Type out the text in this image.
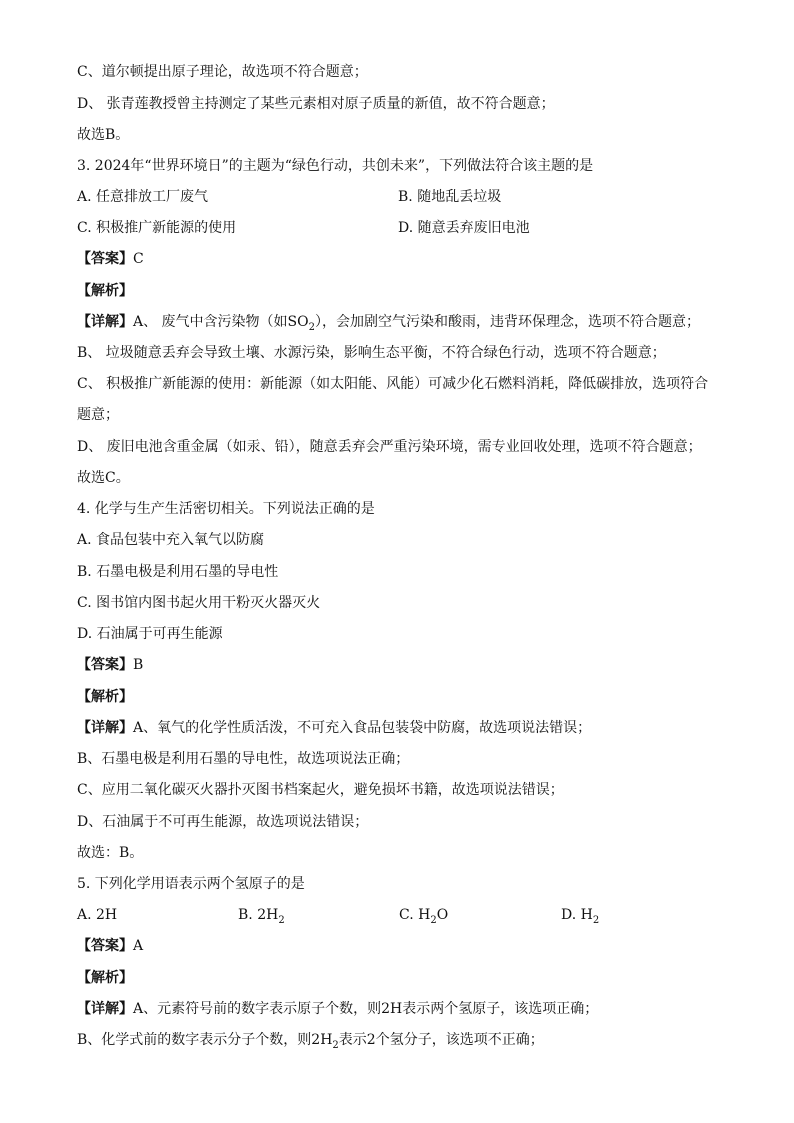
C、道尔顿提出原子理论，故选项不符合题意；
D、 张青莲教授曾主持测定了某些元素相对原子质量的新值，故不符合题意；
故选B。
3. 2024年“世界环境日”的主题为“绿色行动，共创未来”，下列做法符合该主题的是
A. 任意排放工厂废气	B. 随地乱丢垃圾
C. 积极推广新能源的使用	D. 随意丢弃废旧电池
【答案】C
【解析】
【详解】A、 废气中含污染物（如$SO_2$），会加剧空气污染和酸雨，违背环保理念，选项不符合题意；
B、 垃圾随意丢弃会导致土壤、水源污染，影响生态平衡，不符合绿色行动，选项不符合题意；
C、 积极推广新能源的使用：新能源（如太阳能、风能）可减少化石燃料消耗，降低碳排放，选项符合
题意；
D、 废旧电池含重金属（如汞、铅），随意丢弃会严重污染环境，需专业回收处理，选项不符合题意；
故选C。
4. 化学与生产生活密切相关。下列说法正确的是
A. 食品包装中充入氧气以防腐
B. 石墨电极是利用石墨的导电性
C. 图书馆内图书起火用干粉灭火器灭火
D. 石油属于可再生能源
【答案】B
【解析】
【详解】A、氧气的化学性质活泼，不可充入食品包装袋中防腐，故选项说法错误；
B、石墨电极是利用石墨的导电性，故选项说法正确；
C、应用二氧化碳灭火器扑灭图书档案起火，避免损坏书籍，故选项说法错误；
D、石油属于不可再生能源，故选项说法错误；
故选：B。
5. 下列化学用语表示两个氢原子的是
A. 2H	B. $2H_2$	C. $H_2O$	D. $H_2$
【答案】A
【解析】
【详解】A、元素符号前的数字表示原子个数，则2H表示两个氢原子，该选项正确；
B、化学式前的数字表示分子个数，则$2H_2$表示2个氢分子，该选项不正确；
